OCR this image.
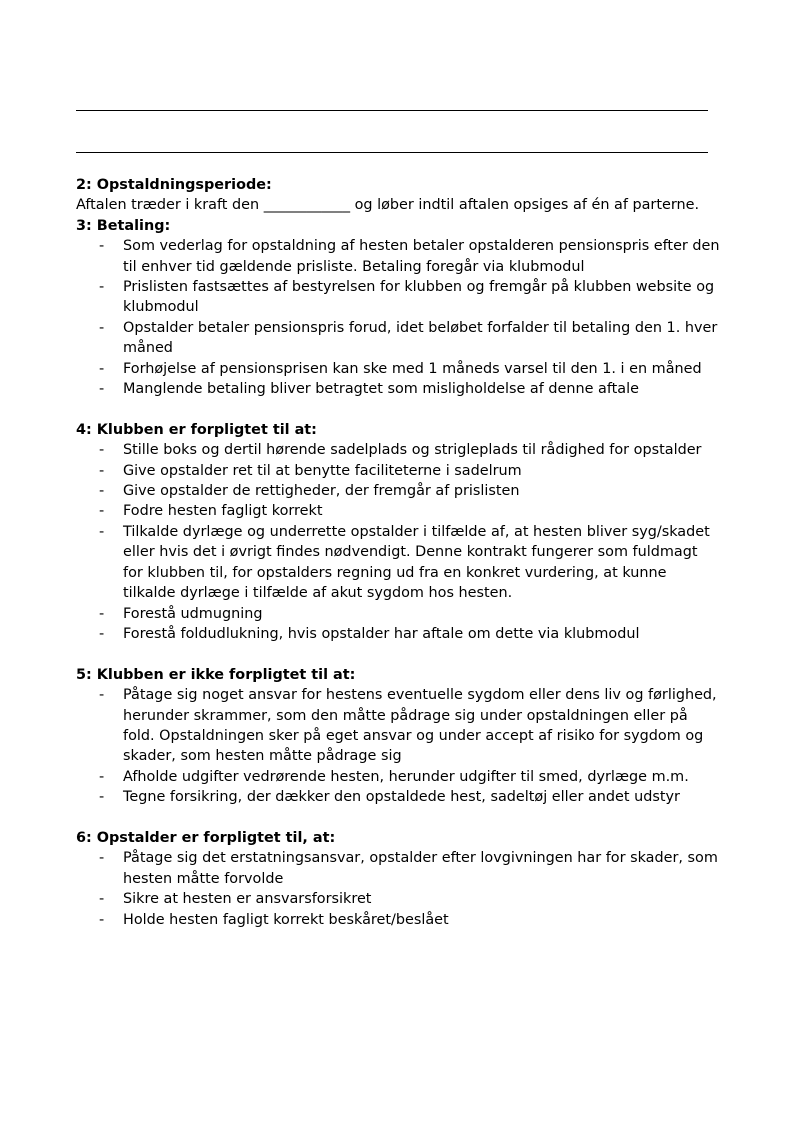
2: Opstaldningsperiode:

Aftalen træder i kraft den ____________ og løber indtil aftalen opsiges af én af parterne.

3: Betaling:
- Som vederlag for opstaldning af hesten betaler opstalderen pensionspris efter den til enhver tid gældende prisliste. Betaling foregår via klubmodul
- Prislisten fastsættes af bestyrelsen for klubben og fremgår på klubben website og klubmodul
- Opstalder betaler pensionspris forud, idet beløbet forfalder til betaling den 1. hver måned
- Forhøjelse af pensionsprisen kan ske med 1 måneds varsel til den 1. i en måned
- Manglende betaling bliver betragtet som misligholdelse af denne aftale
4: Klubben er forpligtet til at:
- Stille boks og dertil hørende sadelplads og strigleplads til rådighed for opstalder
- Give opstalder ret til at benytte faciliteterne i sadelrum
- Give opstalder de rettigheder, der fremgår af prislisten
- Fodre hesten fagligt korrekt
- Tilkalde dyrlæge og underrette opstalder i tilfælde af, at hesten bliver syg/skadet eller hvis det i øvrigt findes nødvendigt. Denne kontrakt fungerer som fuldmagt for klubben til, for opstalders regning ud fra en konkret vurdering, at kunne tilkalde dyrlæge i tilfælde af akut sygdom hos hesten.
- Forestå udmugning
- Forestå foldudlukning, hvis opstalder har aftale om dette via klubmodul
5: Klubben er ikke forpligtet til at:
- Påtage sig noget ansvar for hestens eventuelle sygdom eller dens liv og førlighed, herunder skrammer, som den måtte pådrage sig under opstaldningen eller på fold. Opstaldningen sker på eget ansvar og under accept af risiko for sygdom og skader, som hesten måtte pådrage sig
- Afholde udgifter vedrørende hesten, herunder udgifter til smed, dyrlæge m.m.
- Tegne forsikring, der dækker den opstaldede hest, sadeltøj eller andet udstyr
6: Opstalder er forpligtet til, at:
- Påtage sig det erstatningsansvar, opstalder efter lovgivningen har for skader, som hesten måtte forvolde
- Sikre at hesten er ansvarsforsikret
- Holde hesten fagligt korrekt beskåret/beslået
